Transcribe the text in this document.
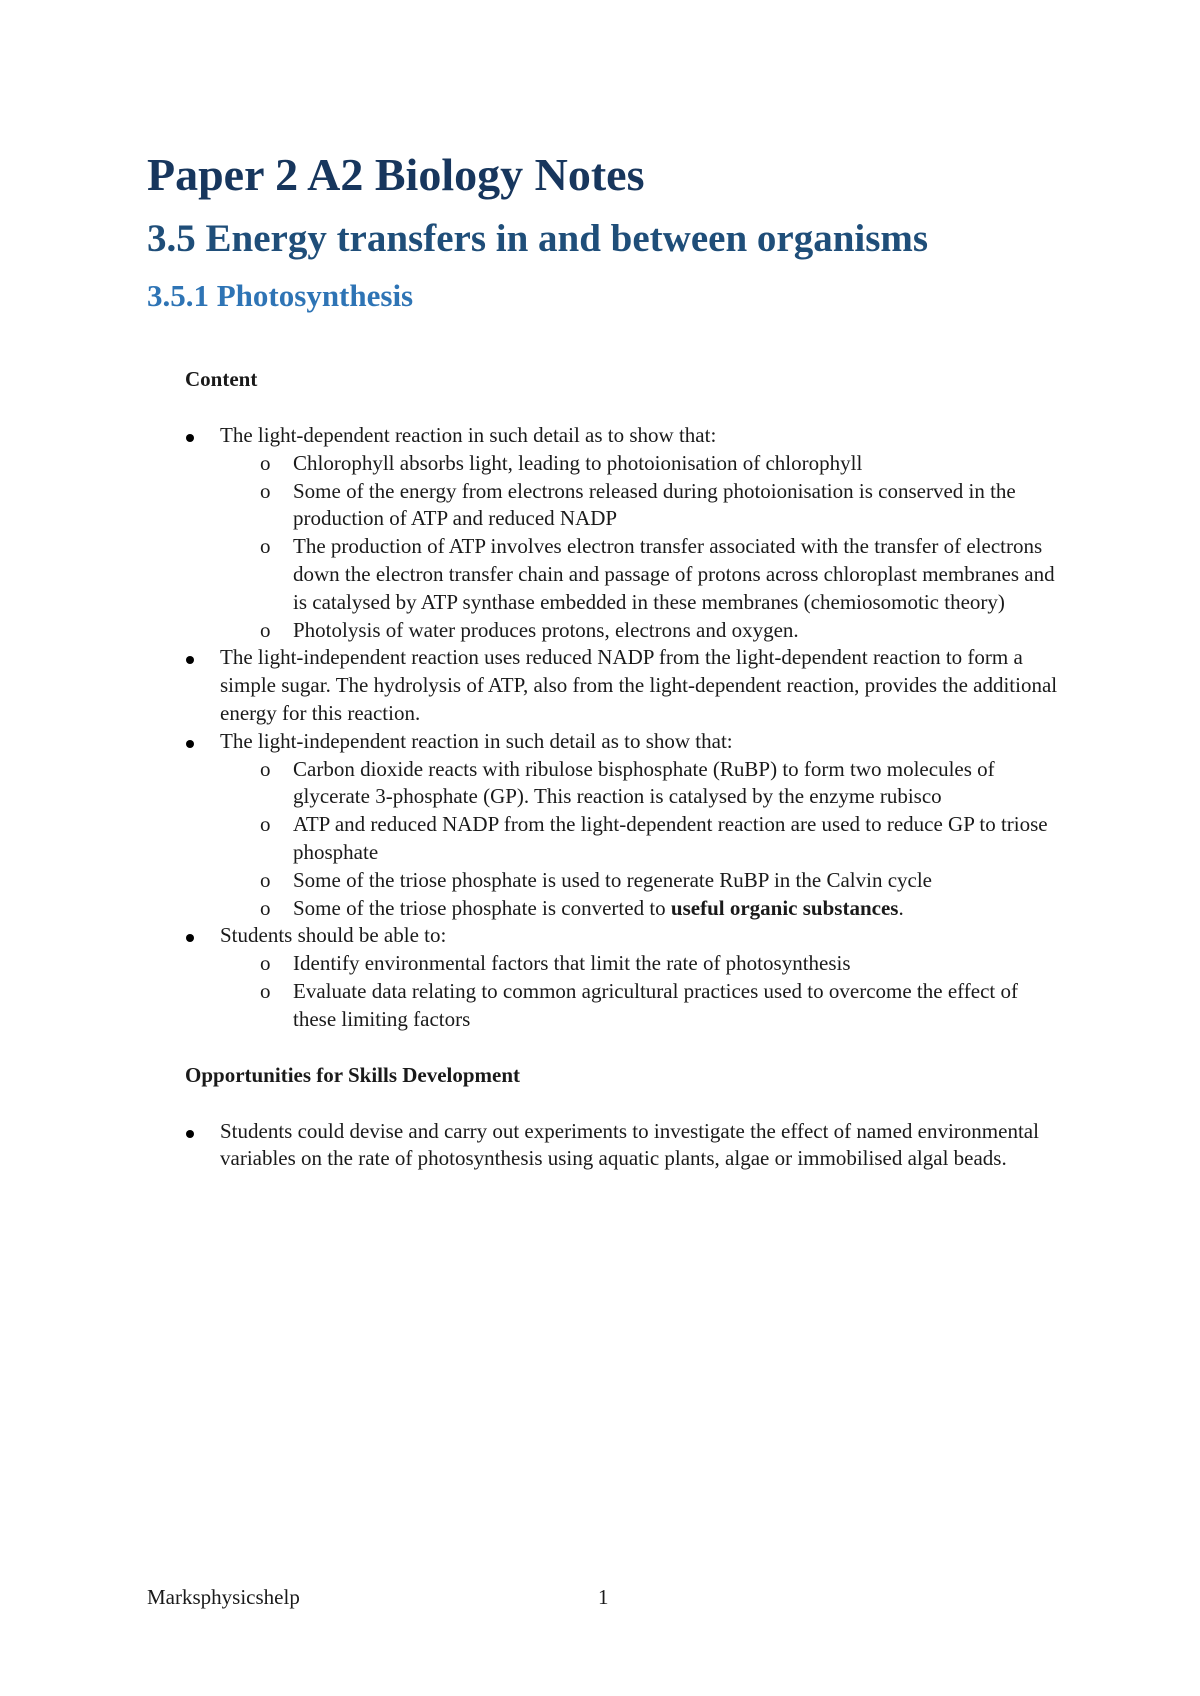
Paper 2 A2 Biology Notes
3.5 Energy transfers in and between organisms
3.5.1 Photosynthesis
Content
The light-dependent reaction in such detail as to show that:
o Chlorophyll absorbs light, leading to photoionisation of chlorophyll
o Some of the energy from electrons released during photoionisation is conserved in the production of ATP and reduced NADP
o The production of ATP involves electron transfer associated with the transfer of electrons down the electron transfer chain and passage of protons across chloroplast membranes and is catalysed by ATP synthase embedded in these membranes (chemiosomotic theory)
o Photolysis of water produces protons, electrons and oxygen.
The light-independent reaction uses reduced NADP from the light-dependent reaction to form a simple sugar. The hydrolysis of ATP, also from the light-dependent reaction, provides the additional energy for this reaction.
The light-independent reaction in such detail as to show that:
o Carbon dioxide reacts with ribulose bisphosphate (RuBP) to form two molecules of glycerate 3-phosphate (GP). This reaction is catalysed by the enzyme rubisco
o ATP and reduced NADP from the light-dependent reaction are used to reduce GP to triose phosphate
o Some of the triose phosphate is used to regenerate RuBP in the Calvin cycle
o Some of the triose phosphate is converted to useful organic substances.
Students should be able to:
o Identify environmental factors that limit the rate of photosynthesis
o Evaluate data relating to common agricultural practices used to overcome the effect of these limiting factors
Opportunities for Skills Development
Students could devise and carry out experiments to investigate the effect of named environmental variables on the rate of photosynthesis using aquatic plants, algae or immobilised algal beads.
Marksphysicshelp	1
